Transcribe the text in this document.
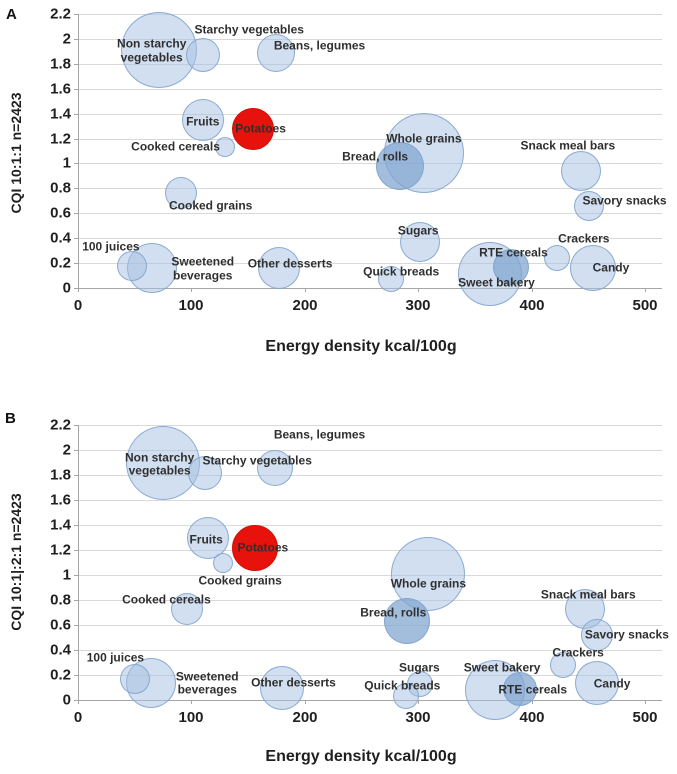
A
B
CQI 10:1:1 n=2423
CQI 10:1|:2:1 n=2423
Energy density kcal/100g
Energy density kcal/100g
2.2
2
1.8
1.6
1.4
1.2
1
0.8
0.6
0.4
0.2
0
0	100	200	300	400	500
Non starchy
vegetables
Starchy vegetables
Beans, legumes
Fruits Potatoes
Cooked cereals
Cooked grains
Whole grains
Bread, rolls
Snack meal bars
Savory snacks
Sugars
Crackers
RTE cereals
Quick breads
Sweet bakery
Candy
100 juices
Sweetened
beverages
Other desserts
2.2
2
1.8
1.6
1.4
1.2
1
0.8
0.6
0.4
0.2
0
0	100	200	300	400	500
Non starchy
vegetables
Starchy vegetables
Beans, legumes
Fruits
Potatoes
Cooked grains
Cooked cereals
Whole grains
Bread, rolls
Snack meal bars
Savory snacks
Crackers
Sugars
Quick breads
Sweet bakery
RTE cereals Candy
100 juices
Sweetened
beverages
Other desserts
